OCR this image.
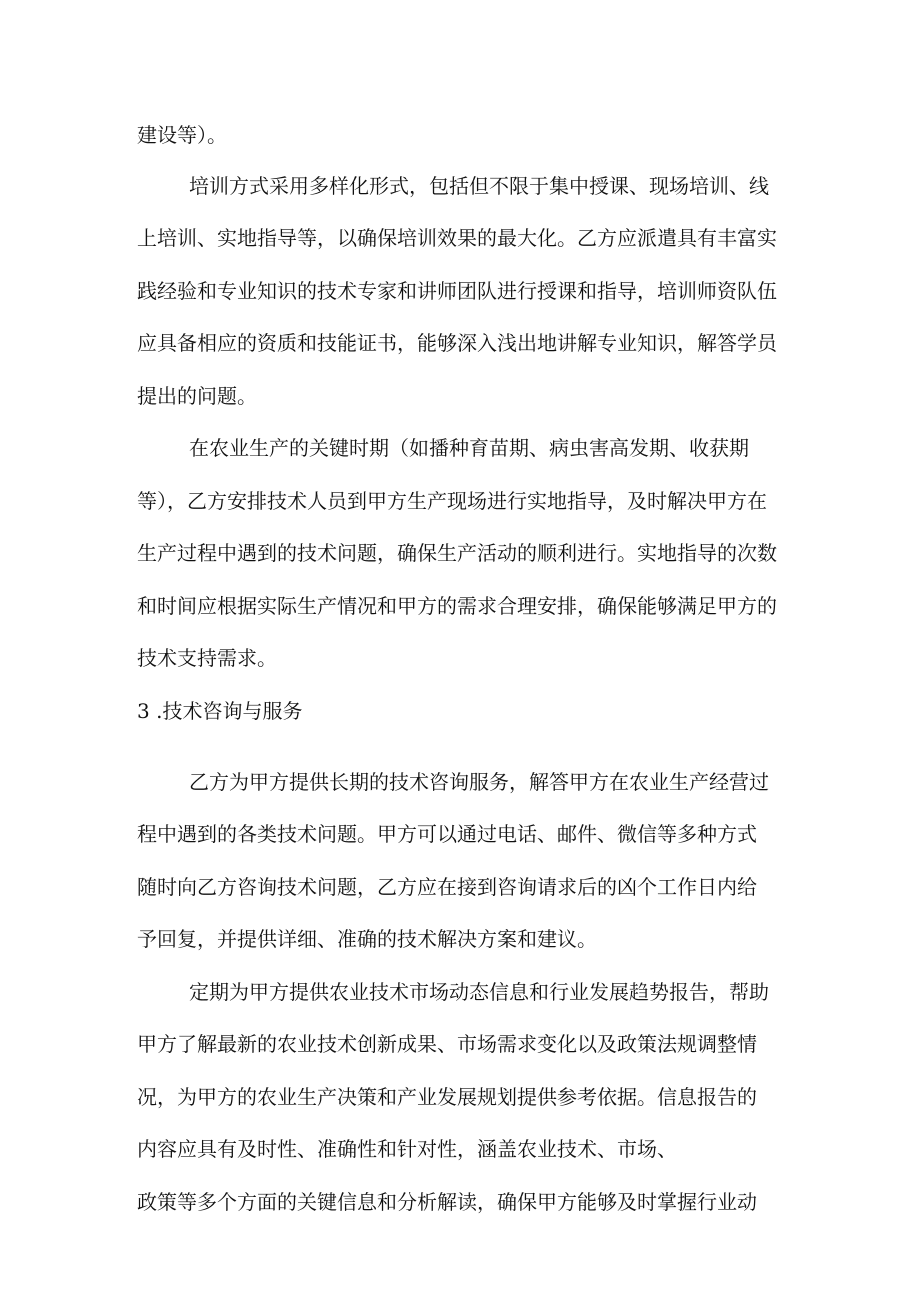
建设等）。
培训方式采用多样化形式，包括但不限于集中授课、现场培训、线
上培训、实地指导等，以确保培训效果的最大化。乙方应派遣具有丰富实
践经验和专业知识的技术专家和讲师团队进行授课和指导，培训师资队伍
应具备相应的资质和技能证书，能够深入浅出地讲解专业知识，解答学员
提出的问题。
在农业生产的关键时期（如播种育苗期、病虫害高发期、收获期
等），乙方安排技术人员到甲方生产现场进行实地指导，及时解决甲方在
生产过程中遇到的技术问题，确保生产活动的顺利进行。实地指导的次数
和时间应根据实际生产情况和甲方的需求合理安排，确保能够满足甲方的
技术支持需求。
3 .技术咨询与服务
乙方为甲方提供长期的技术咨询服务，解答甲方在农业生产经营过
程中遇到的各类技术问题。甲方可以通过电话、邮件、微信等多种方式
随时向乙方咨询技术问题，乙方应在接到咨询请求后的凶个工作日内给
予回复，并提供详细、准确的技术解决方案和建议。
定期为甲方提供农业技术市场动态信息和行业发展趋势报告，帮助
甲方了解最新的农业技术创新成果、市场需求变化以及政策法规调整情
况，为甲方的农业生产决策和产业发展规划提供参考依据。信息报告的
内容应具有及时性、准确性和针对性，涵盖农业技术、市场、
政策等多个方面的关键信息和分析解读，确保甲方能够及时掌握行业动
